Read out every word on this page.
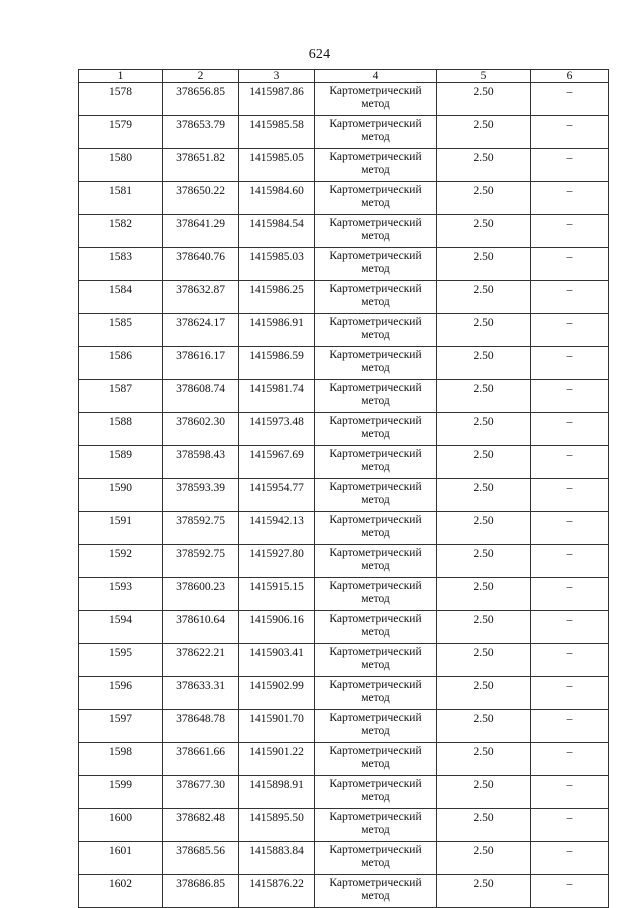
624
1	2	3	4	5	6
1578	378656.85	1415987.86	Картометрический
метод	2.50	–
1579	378653.79	1415985.58	Картометрический
метод	2.50	–
1580	378651.82	1415985.05	Картометрический
метод	2.50	–
1581	378650.22	1415984.60	Картометрический
метод	2.50	–
1582	378641.29	1415984.54	Картометрический
метод	2.50	–
1583	378640.76	1415985.03	Картометрический
метод	2.50	–
1584	378632.87	1415986.25	Картометрический
метод	2.50	–
1585	378624.17	1415986.91	Картометрический
метод	2.50	–
1586	378616.17	1415986.59	Картометрический
метод	2.50	–
1587	378608.74	1415981.74	Картометрический
метод	2.50	–
1588	378602.30	1415973.48	Картометрический
метод	2.50	–
1589	378598.43	1415967.69	Картометрический
метод	2.50	–
1590	378593.39	1415954.77	Картометрический
метод	2.50	–
1591	378592.75	1415942.13	Картометрический
метод	2.50	–
1592	378592.75	1415927.80	Картометрический
метод	2.50	–
1593	378600.23	1415915.15	Картометрический
метод	2.50	–
1594	378610.64	1415906.16	Картометрический
метод	2.50	–
1595	378622.21	1415903.41	Картометрический
метод	2.50	–
1596	378633.31	1415902.99	Картометрический
метод	2.50	–
1597	378648.78	1415901.70	Картометрический
метод	2.50	–
1598	378661.66	1415901.22	Картометрический
метод	2.50	–
1599	378677.30	1415898.91	Картометрический
метод	2.50	–
1600	378682.48	1415895.50	Картометрический
метод	2.50	–
1601	378685.56	1415883.84	Картометрический
метод	2.50	–
1602	378686.85	1415876.22	Картометрический
метод	2.50	–
